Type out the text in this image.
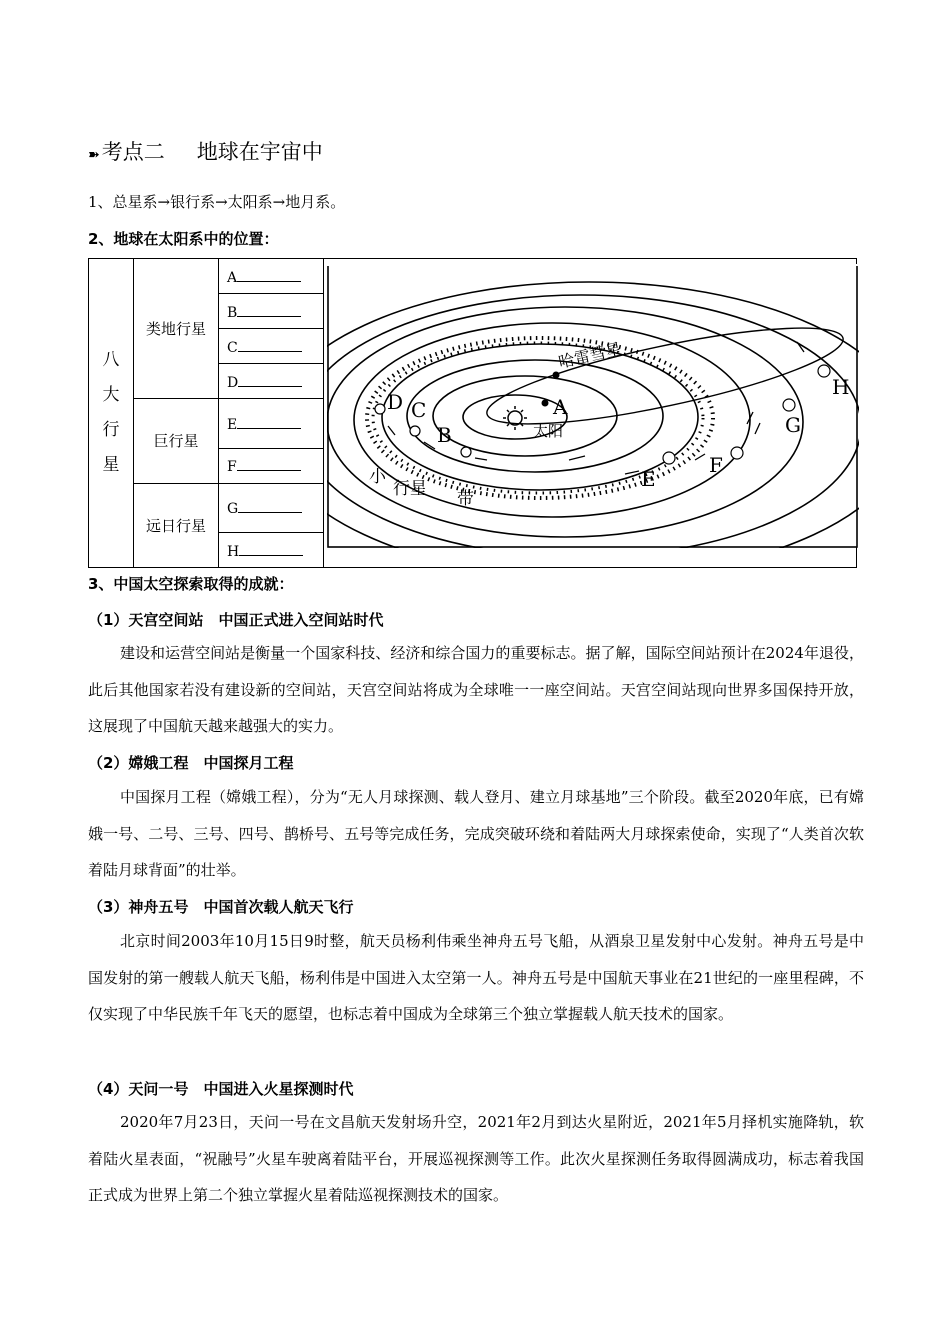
➽考点二 地球在宇宙中
1、总星系→银行系→太阳系→地月系。
2、地球在太阳系中的位置：
八
大
行
星	类地行星	A
		B
		C
		D
	巨行星	E
		F
	远日行星	G
		H
A
B
C
D
E
F
G
H
太阳
哈雷彗星
小
行星 带
3、中国太空探索取得的成就：
（1）天宫空间站　中国正式进入空间站时代
建设和运营空间站是衡量一个国家科技、经济和综合国力的重要标志。据了解，国际空间站预计在2024年退役，此后其他国家若没有建设新的空间站，天宫空间站将成为全球唯一一座空间站。天宫空间站现向世界多国保持开放，这展现了中国航天越来越强大的实力。
（2）嫦娥工程　中国探月工程
中国探月工程（嫦娥工程），分为“无人月球探测、载人登月、建立月球基地”三个阶段。截至2020年底，已有嫦娥一号、二号、三号、四号、鹊桥号、五号等完成任务，完成突破环绕和着陆两大月球探索使命，实现了“人类首次软着陆月球背面”的壮举。
（3）神舟五号　中国首次载人航天飞行
北京时间2003年10月15日9时整，航天员杨利伟乘坐神舟五号飞船，从酒泉卫星发射中心发射。神舟五号是中国发射的第一艘载人航天飞船，杨利伟是中国进入太空第一人。神舟五号是中国航天事业在21世纪的一座里程碑，不仅实现了中华民族千年飞天的愿望，也标志着中国成为全球第三个独立掌握载人航天技术的国家。
（4）天问一号　中国进入火星探测时代
2020年7月23日，天问一号在文昌航天发射场升空，2021年2月到达火星附近，2021年5月择机实施降轨，软着陆火星表面，“祝融号”火星车驶离着陆平台，开展巡视探测等工作。此次火星探测任务取得圆满成功，标志着我国正式成为世界上第二个独立掌握火星着陆巡视探测技术的国家。
